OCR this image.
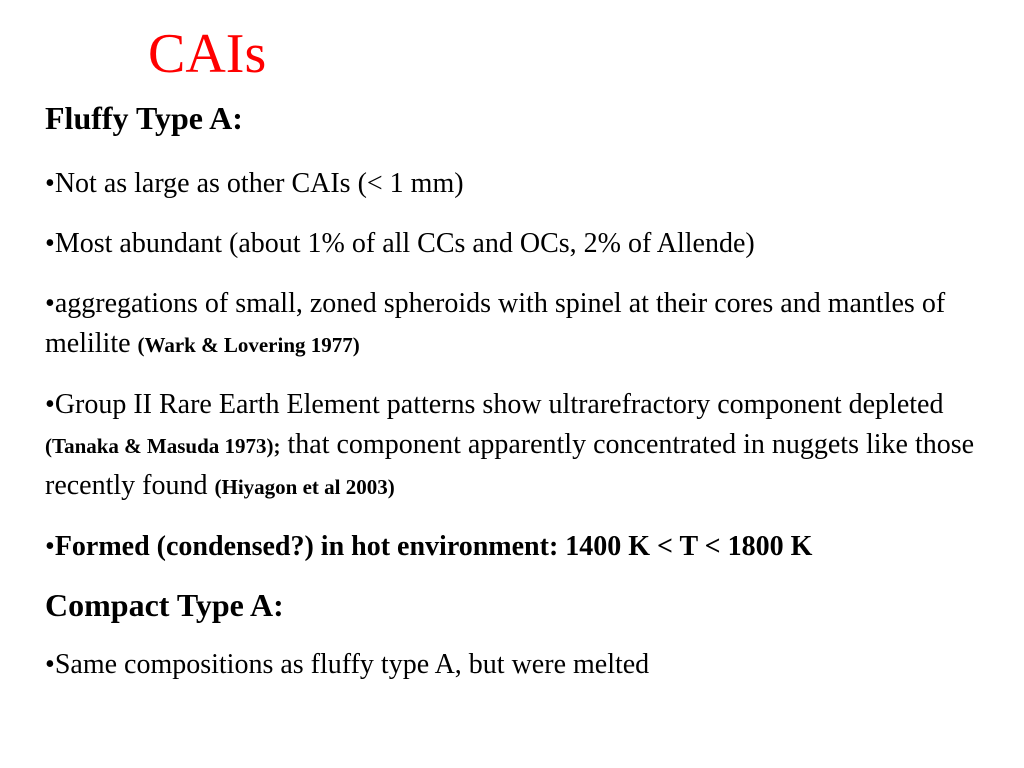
CAIs
Fluffy Type A:
•Not as large as other CAIs (< 1 mm)
•Most abundant (about 1% of all CCs and OCs, 2% of Allende)
•aggregations of small, zoned spheroids with spinel at their cores and mantles of melilite (Wark & Lovering 1977)
•Group II Rare Earth Element patterns show ultrarefractory component depleted (Tanaka & Masuda 1973); that component apparently concentrated in nuggets like those recently found (Hiyagon et al 2003)
•Formed (condensed?) in hot environment: 1400 K < T < 1800 K
Compact Type A:
•Same compositions as fluffy type A, but were melted
